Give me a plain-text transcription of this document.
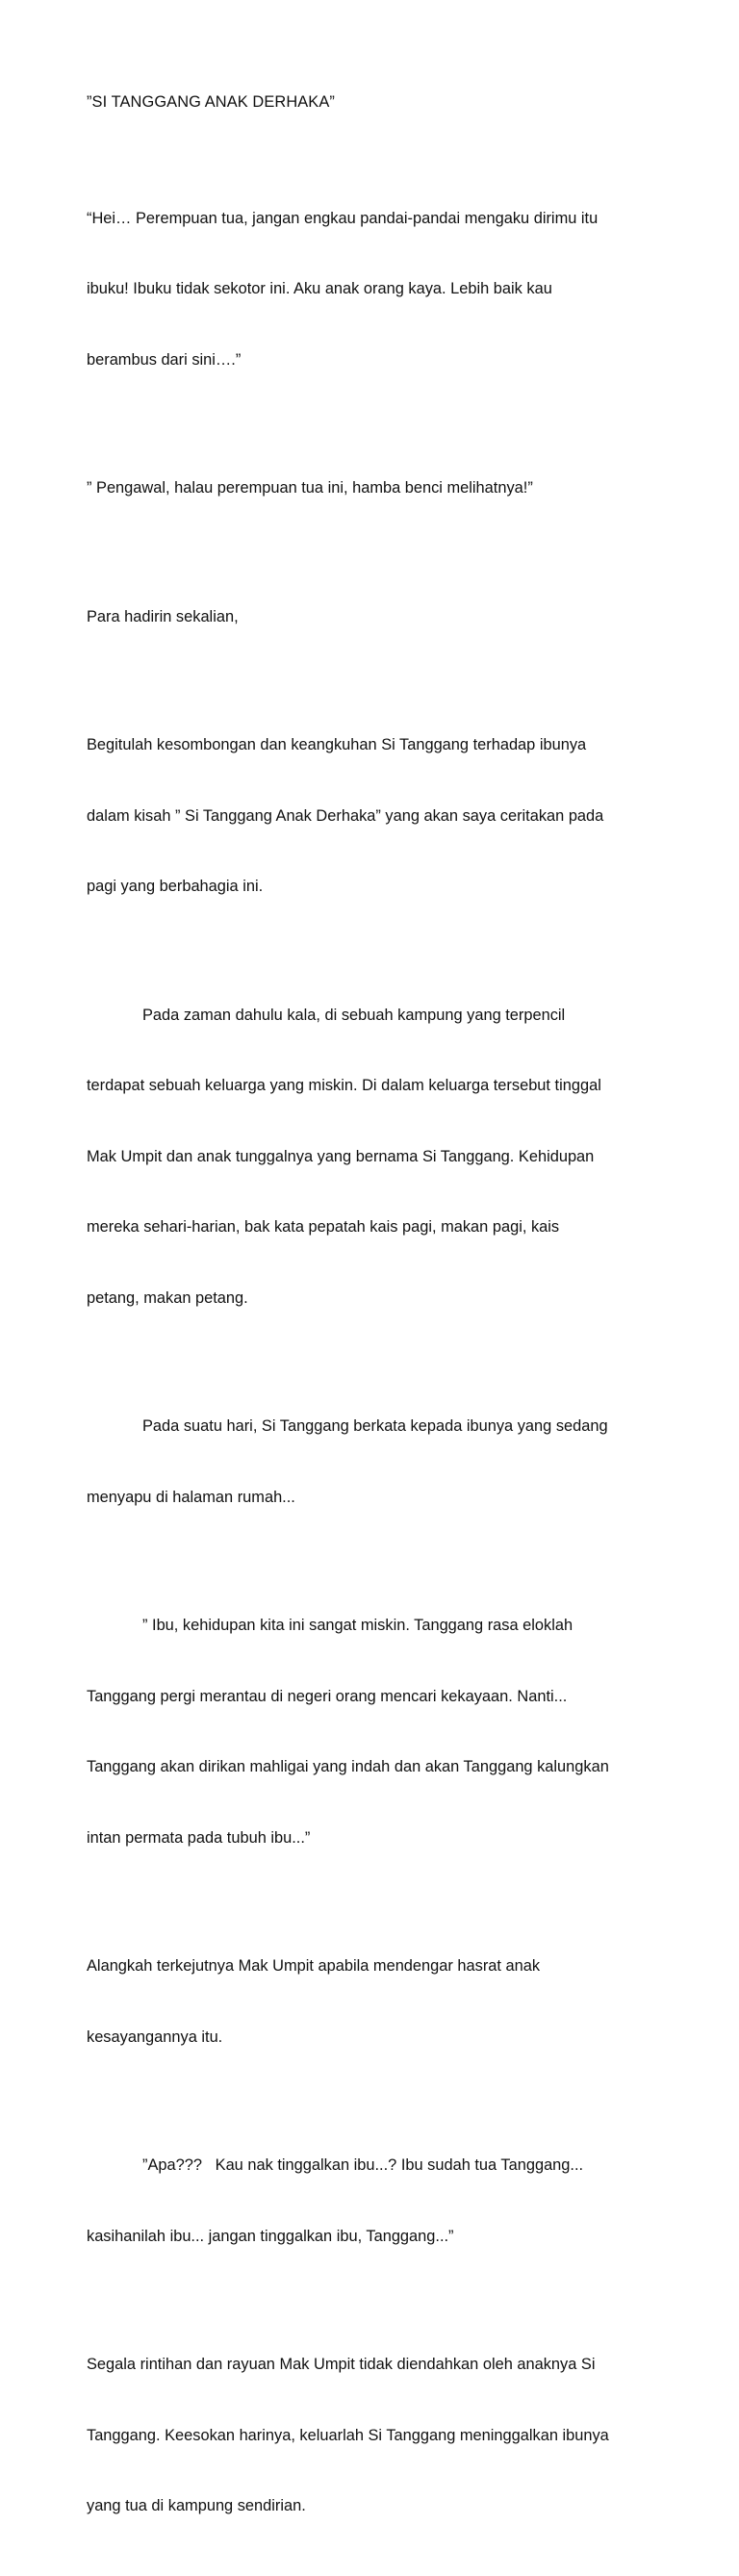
”SI TANGGANG ANAK DERHAKA”

“Hei… Perempuan tua, jangan engkau pandai-pandai mengaku dirimu itu

ibuku! Ibuku tidak sekotor ini. Aku anak orang kaya. Lebih baik kau

berambus dari sini….”

” Pengawal, halau perempuan tua ini, hamba benci melihatnya!”

Para hadirin sekalian,

Begitulah kesombongan dan keangkuhan Si Tanggang terhadap ibunya

dalam kisah ” Si Tanggang Anak Derhaka” yang akan saya ceritakan pada

pagi yang berbahagia ini.

Pada zaman dahulu kala, di sebuah kampung yang terpencil

terdapat sebuah keluarga yang miskin. Di dalam keluarga tersebut tinggal

Mak Umpit dan anak tunggalnya yang bernama Si Tanggang. Kehidupan

mereka sehari-harian, bak kata pepatah kais pagi, makan pagi, kais

petang, makan petang.

Pada suatu hari, Si Tanggang berkata kepada ibunya yang sedang

menyapu di halaman rumah...

” Ibu, kehidupan kita ini sangat miskin. Tanggang rasa eloklah

Tanggang pergi merantau di negeri orang mencari kekayaan. Nanti...

Tanggang akan dirikan mahligai yang indah dan akan Tanggang kalungkan

intan permata pada tubuh ibu...”

Alangkah terkejutnya Mak Umpit apabila mendengar hasrat anak

kesayangannya itu.

”Apa???   Kau nak tinggalkan ibu...? Ibu sudah tua Tanggang...

kasihanilah ibu... jangan tinggalkan ibu, Tanggang...”

Segala rintihan dan rayuan Mak Umpit tidak diendahkan oleh anaknya Si

Tanggang. Keesokan harinya, keluarlah Si Tanggang meninggalkan ibunya

yang tua di kampung sendirian.
